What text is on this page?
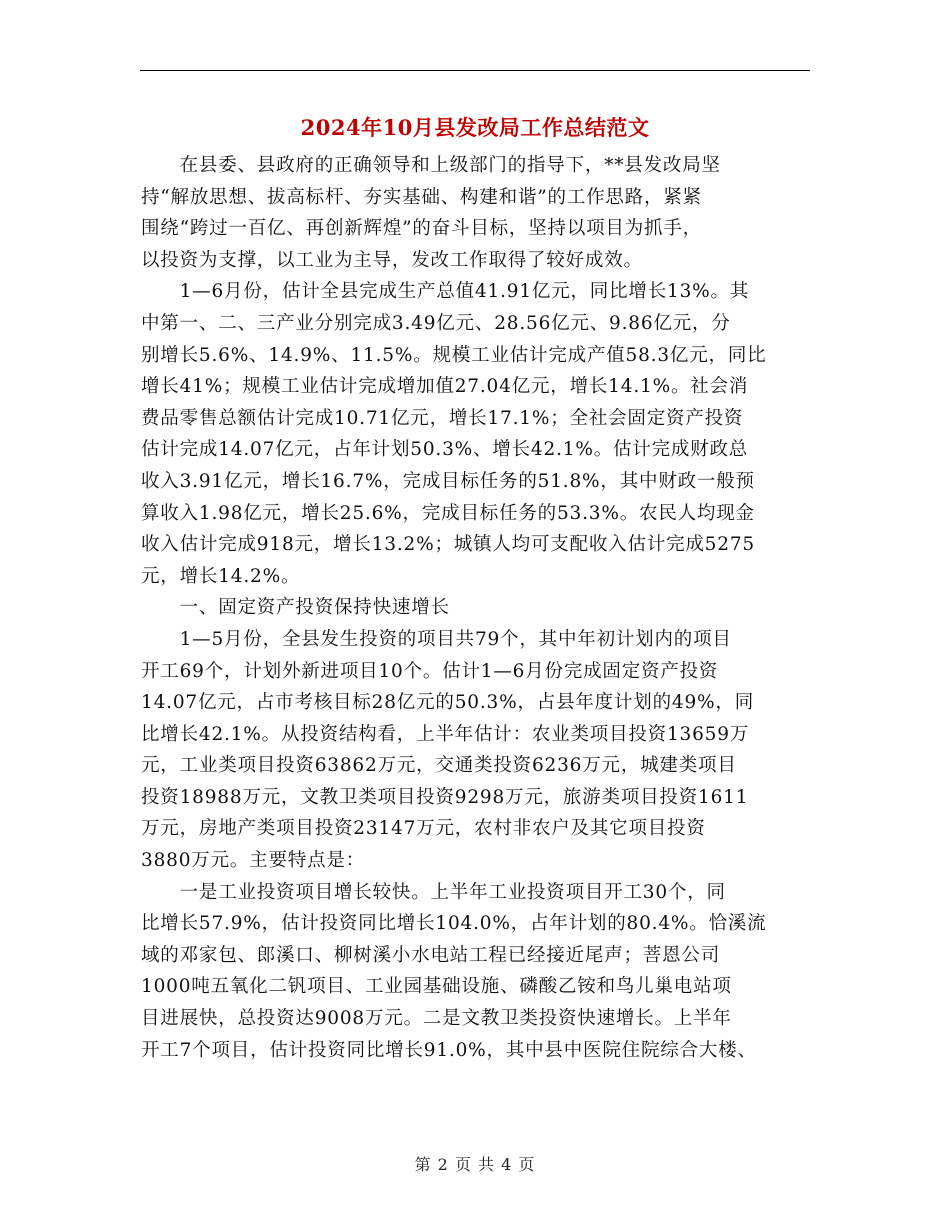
2024年10月县发改局工作总结范文

　　在县委、县政府的正确领导和上级部门的指导下，**县发改局坚
持“解放思想、拔高标杆、夯实基础、构建和谐”的工作思路，紧紧
围绕“跨过一百亿、再创新辉煌”的奋斗目标，坚持以项目为抓手，
以投资为支撑，以工业为主导，发改工作取得了较好成效。
　　1—6月份，估计全县完成生产总值41.91亿元，同比增长13%。其
中第一、二、三产业分别完成3.49亿元、28.56亿元、9.86亿元，分
别增长5.6%、14.9%、11.5%。规模工业估计完成产值58.3亿元，同比
增长41%；规模工业估计完成增加值27.04亿元，增长14.1%。社会消
费品零售总额估计完成10.71亿元，增长17.1%；全社会固定资产投资
估计完成14.07亿元，占年计划50.3%、增长42.1%。估计完成财政总
收入3.91亿元，增长16.7%，完成目标任务的51.8%，其中财政一般预
算收入1.98亿元，增长25.6%，完成目标任务的53.3%。农民人均现金
收入估计完成918元，增长13.2%；城镇人均可支配收入估计完成5275
元，增长14.2%。
　　一、固定资产投资保持快速增长
　　1—5月份，全县发生投资的项目共79个，其中年初计划内的项目
开工69个，计划外新进项目10个。估计1—6月份完成固定资产投资
14.07亿元，占市考核目标28亿元的50.3%，占县年度计划的49%，同
比增长42.1%。从投资结构看，上半年估计：农业类项目投资13659万
元，工业类项目投资63862万元，交通类投资6236万元，城建类项目
投资18988万元，文教卫类项目投资9298万元，旅游类项目投资1611
万元，房地产类项目投资23147万元，农村非农户及其它项目投资
3880万元。主要特点是：
　　一是工业投资项目增长较快。上半年工业投资项目开工30个，同
比增长57.9%，估计投资同比增长104.0%，占年计划的80.4%。恰溪流
域的邓家包、郎溪口、柳树溪小水电站工程已经接近尾声；菩恩公司
1000吨五氧化二钒项目、工业园基础设施、磷酸乙铵和鸟儿巢电站项
目进展快，总投资达9008万元。二是文教卫类投资快速增长。上半年
开工7个项目，估计投资同比增长91.0%，其中县中医院住院综合大楼、

第 2 页 共 4 页
